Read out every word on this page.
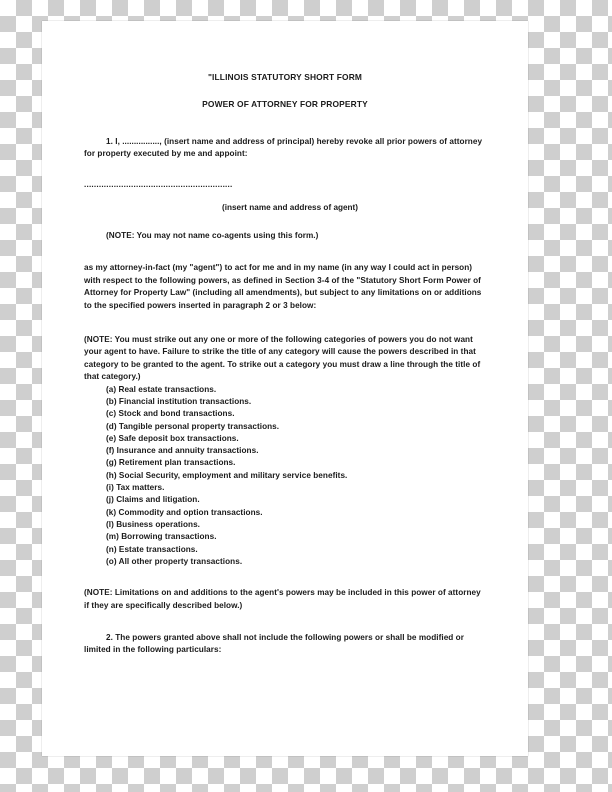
"ILLINOIS STATUTORY SHORT FORM
POWER OF ATTORNEY FOR PROPERTY
1. I, ................, (insert name and address of principal) hereby revoke all prior powers of attorney for property executed by me and appoint:
............................................................
(insert name and address of agent)
(NOTE: You may not name co-agents using this form.)
as my attorney-in-fact (my "agent") to act for me and in my name (in any way I could act in person) with respect to the following powers, as defined in Section 3-4 of the "Statutory Short Form Power of Attorney for Property Law" (including all amendments), but subject to any limitations on or additions to the specified powers inserted in paragraph 2 or 3 below:
(NOTE: You must strike out any one or more of the following categories of powers you do not want your agent to have. Failure to strike the title of any category will cause the powers described in that category to be granted to the agent. To strike out a category you must draw a line through the title of that category.)
(a) Real estate transactions.
(b) Financial institution transactions.
(c) Stock and bond transactions.
(d) Tangible personal property transactions.
(e) Safe deposit box transactions.
(f) Insurance and annuity transactions.
(g) Retirement plan transactions.
(h) Social Security, employment and military service benefits.
(i) Tax matters.
(j) Claims and litigation.
(k) Commodity and option transactions.
(l) Business operations.
(m) Borrowing transactions.
(n) Estate transactions.
(o) All other property transactions.
(NOTE: Limitations on and additions to the agent's powers may be included in this power of attorney if they are specifically described below.)
2. The powers granted above shall not include the following powers or shall be modified or limited in the following particulars:
